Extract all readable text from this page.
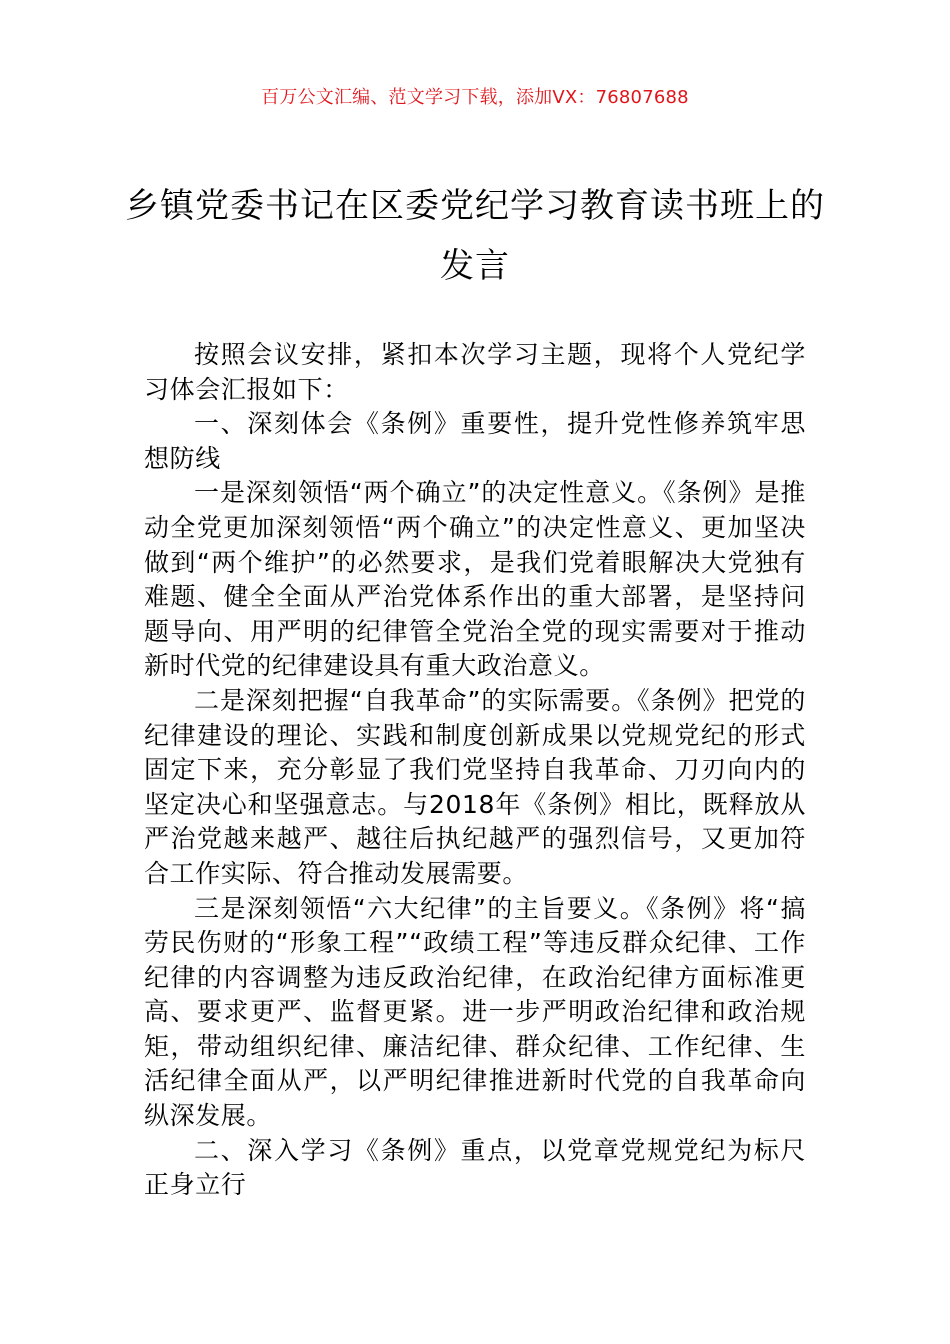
百万公文汇编、范文学习下载，添加VX：76807688
乡镇党委书记在区委党纪学习教育读书班上的发言

按照会议安排，紧扣本次学习主题，现将个人党纪学习体会汇报如下：

一、深刻体会《条例》重要性，提升党性修养筑牢思想防线

一是深刻领悟“两个确立”的决定性意义。《条例》是推动全党更加深刻领悟“两个确立”的决定性意义、更加坚决做到“两个维护”的必然要求，是我们党着眼解决大党独有难题、健全全面从严治党体系作出的重大部署，是坚持问题导向、用严明的纪律管全党治全党的现实需要对于推动新时代党的纪律建设具有重大政治意义。

二是深刻把握“自我革命”的实际需要。《条例》把党的纪律建设的理论、实践和制度创新成果以党规党纪的形式固定下来，充分彰显了我们党坚持自我革命、刀刃向内的坚定决心和坚强意志。与2018年《条例》相比，既释放从严治党越来越严、越往后执纪越严的强烈信号，又更加符合工作实际、符合推动发展需要。

三是深刻领悟“六大纪律”的主旨要义。《条例》将“搞劳民伤财的“形象工程”“政绩工程”等违反群众纪律、工作纪律的内容调整为违反政治纪律，在政治纪律方面标准更高、要求更严、监督更紧。进一步严明政治纪律和政治规矩，带动组织纪律、廉洁纪律、群众纪律、工作纪律、生活纪律全面从严，以严明纪律推进新时代党的自我革命向纵深发展。

二、深入学习《条例》重点，以党章党规党纪为标尺正身立行
